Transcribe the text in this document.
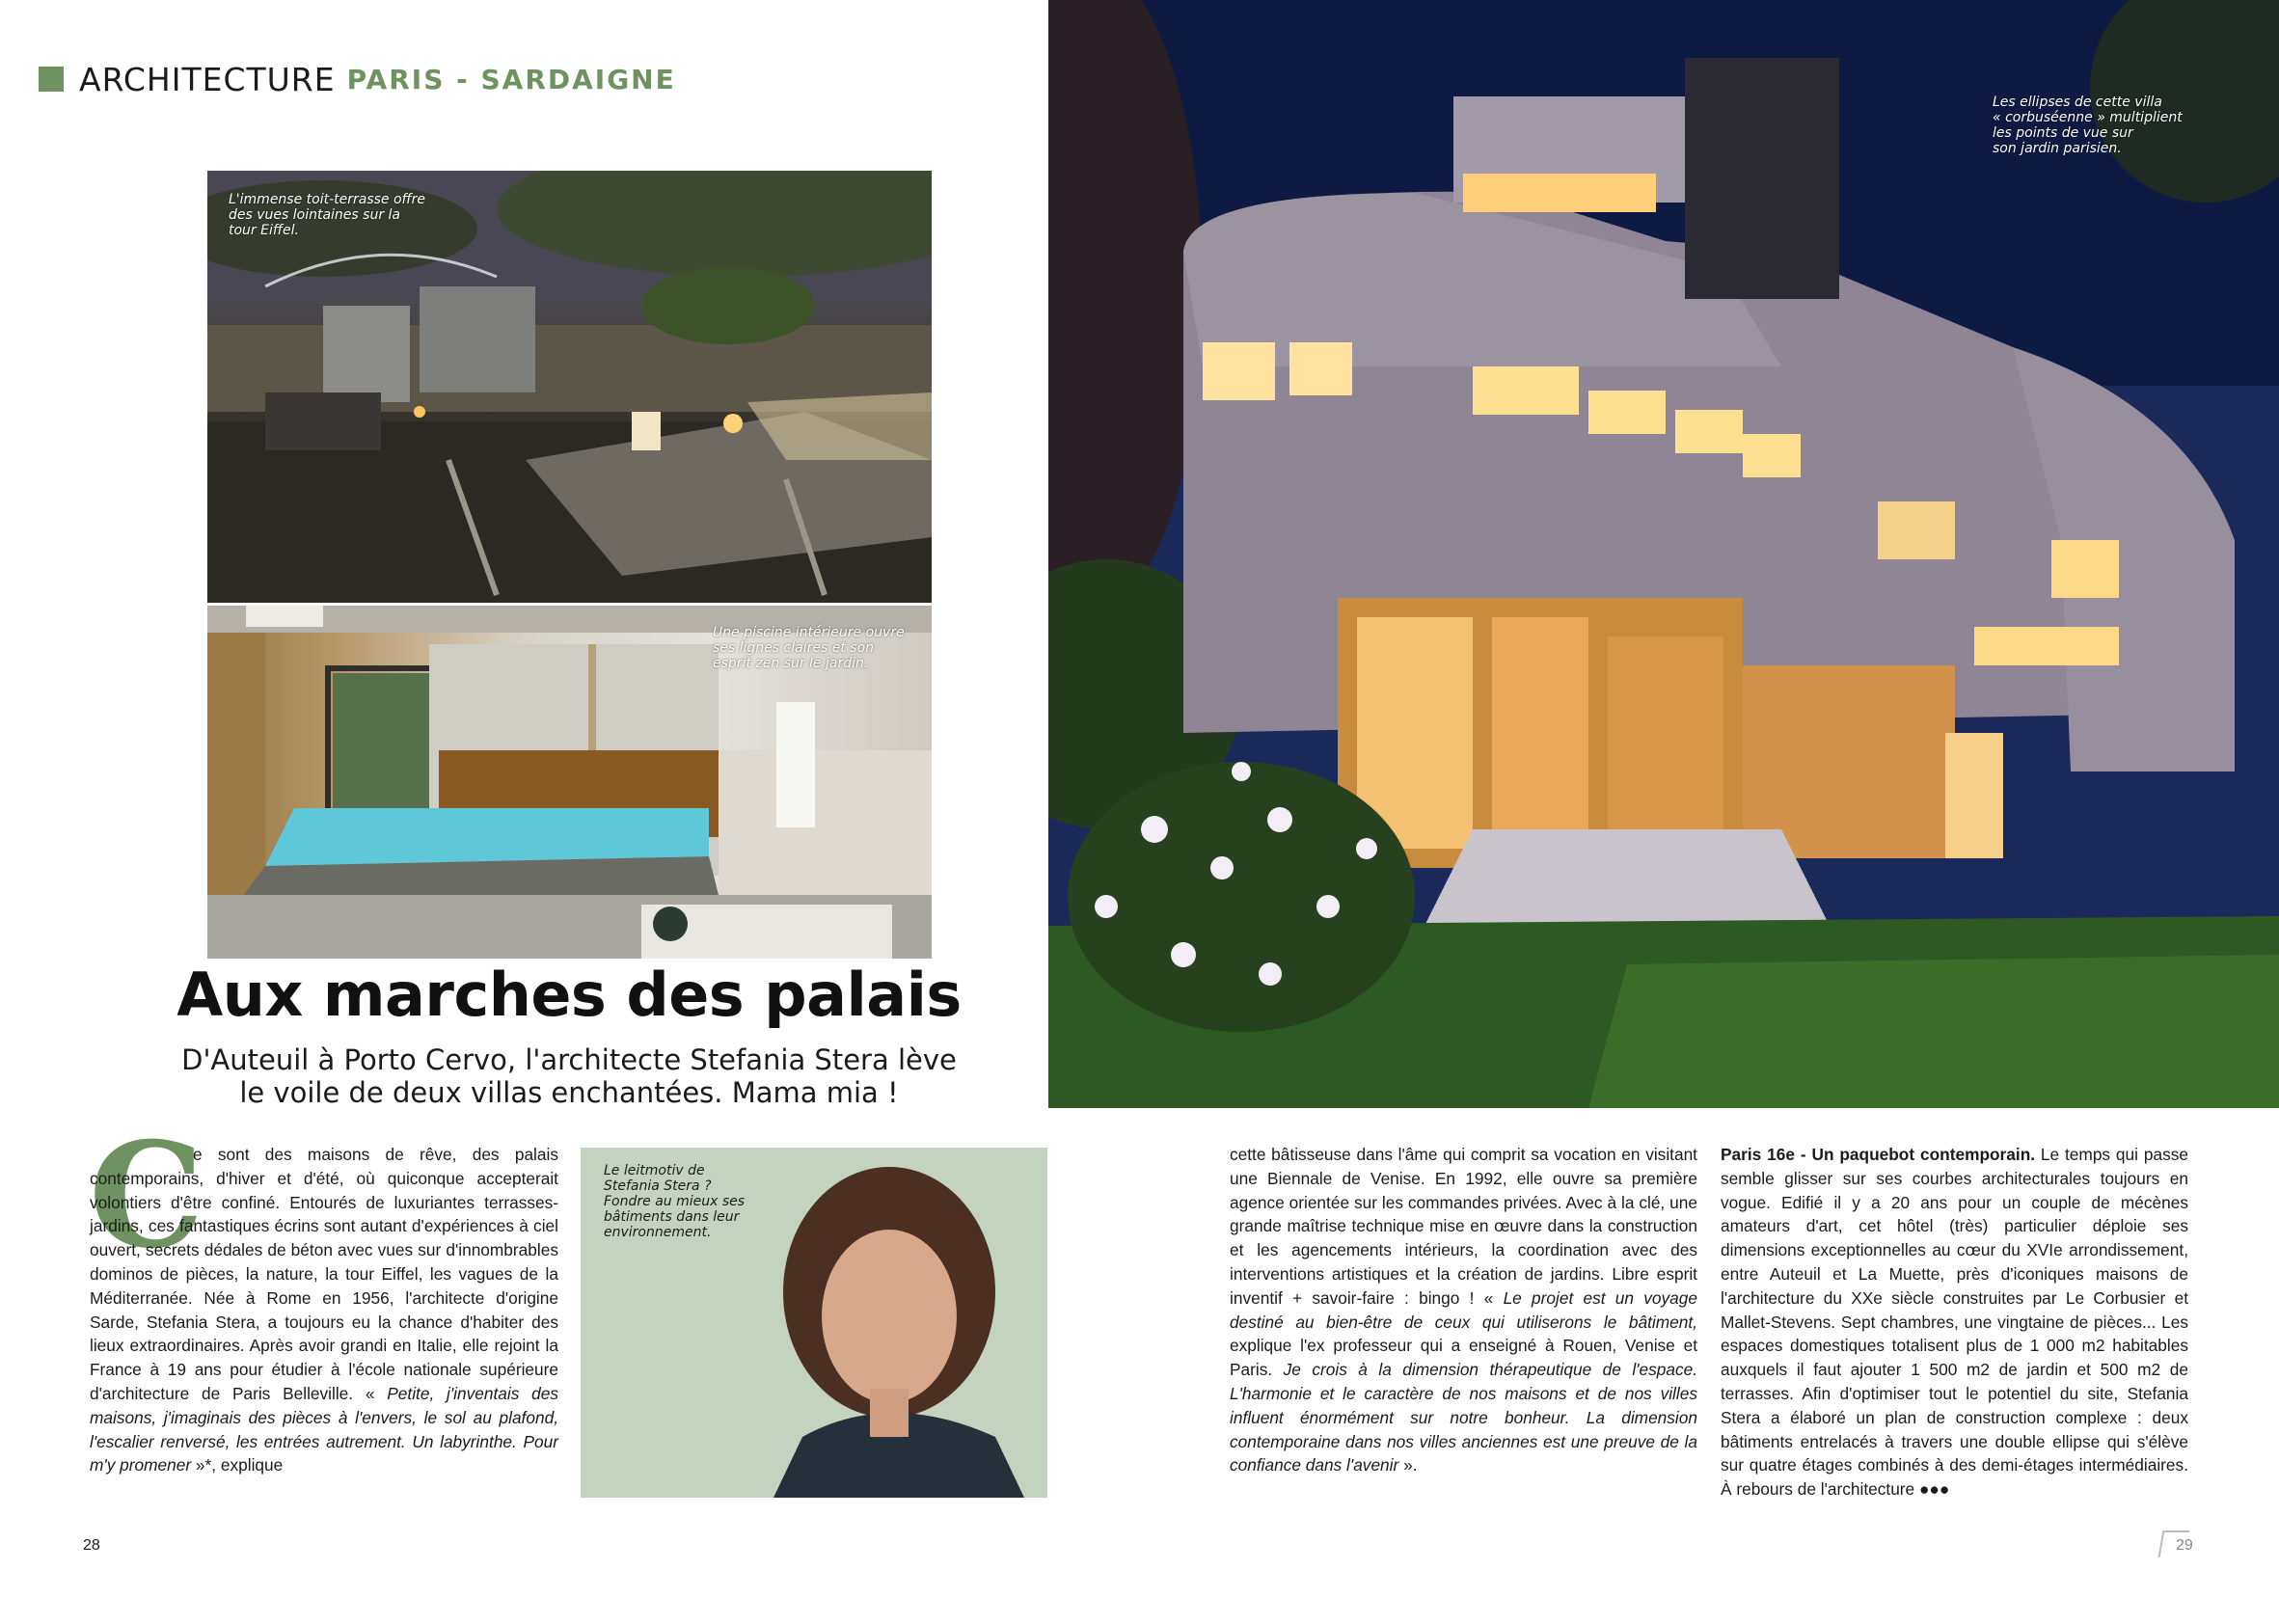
ARCHITECTURE PARIS - SARDAIGNE
L'immense toit-terrasse offre
des vues lointaines sur la
tour Eiffel.
Une piscine intérieure ouvre
ses lignes claires et son
esprit zen sur le jardin.
Les ellipses de cette villa
« corbuséenne » multiplient
les points de vue sur
son jardin parisien.
Aux marches des palais
D'Auteuil à Porto Cervo, l'architecte Stefania Stera lève
le voile de deux villas enchantées. Mama mia !
C

e sont des maisons de rêve, des palais contemporains, d'hiver et d'été, où quiconque accepterait volontiers d'être confiné. Entourés de luxuriantes terrasses-jardins, ces fantastiques écrins sont autant d'expériences à ciel ouvert, secrets dédales de béton avec vues sur d'innombrables dominos de pièces, la nature, la tour Eiffel, les vagues de la Méditerranée. Née à Rome en 1956, l'architecte d'origine Sarde, Stefania Stera, a toujours eu la chance d'habiter des lieux extraordinaires. Après avoir grandi en Italie, elle rejoint la France à 19 ans pour étudier à l'école nationale supérieure d'architecture de Paris Belleville. « Petite, j'inventais des maisons, j'imaginais des pièces à l'envers, le sol au plafond, l'escalier renversé, les entrées autrement. Un labyrinthe. Pour m'y promener »*, explique

Le leitmotiv de
Stefania Stera ?
Fondre au mieux ses
bâtiments dans leur
environnement.

cette bâtisseuse dans l'âme qui comprit sa vocation en visitant une Biennale de Venise. En 1992, elle ouvre sa première agence orientée sur les commandes privées. Avec à la clé, une grande maîtrise technique mise en œuvre dans la construction et les agencements intérieurs, la coordination avec des interventions artistiques et la création de jardins. Libre esprit inventif + savoir-faire : bingo ! « Le projet est un voyage destiné au bien-être de ceux qui utiliserons le bâtiment, explique l'ex professeur qui a enseigné à Rouen, Venise et Paris. Je crois à la dimension thérapeutique de l'espace. L'harmonie et le caractère de nos maisons et de nos villes influent énormément sur notre bonheur. La dimension contemporaine dans nos villes anciennes est une preuve de la confiance dans l'avenir ».

Paris 16e - Un paquebot contemporain. Le temps qui passe semble glisser sur ses courbes architecturales toujours en vogue. Edifié il y a 20 ans pour un couple de mécènes amateurs d'art, cet hôtel (très) particulier déploie ses dimensions exceptionnelles au cœur du XVIe arrondissement, entre Auteuil et La Muette, près d'iconiques maisons de l'architecture du XXe siècle construites par Le Corbusier et Mallet-Stevens. Sept chambres, une vingtaine de pièces... Les espaces domestiques totalisent plus de 1 000 m2 habitables auxquels il faut ajouter 1 500 m2 de jardin et 500 m2 de terrasses. Afin d'optimiser tout le potentiel du site, Stefania Stera a élaboré un plan de construction complexe : deux bâtiments entrelacés à travers une double ellipse qui s'élève sur quatre étages combinés à des demi-étages intermédiaires. À rebours de l'architecture ●●●

28	29
